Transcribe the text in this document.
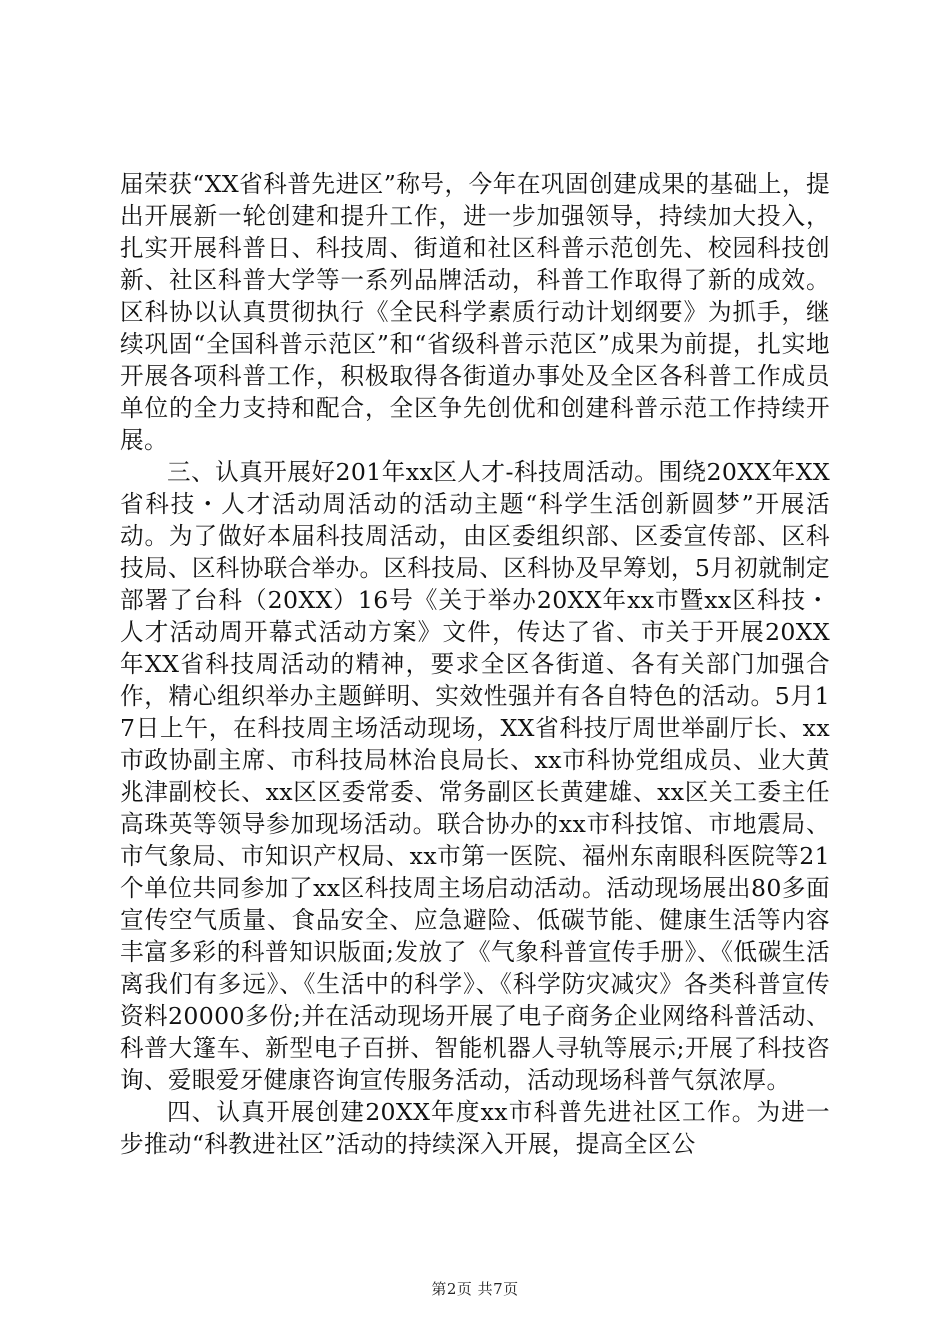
届荣获“XX省科普先进区”称号，今年在巩固创建成果的基础上，提出开展新一轮创建和提升工作，进一步加强领导，持续加大投入，扎实开展科普日、科技周、街道和社区科普示范创先、校园科技创新、社区科普大学等一系列品牌活动，科普工作取得了新的成效。区科协以认真贯彻执行《全民科学素质行动计划纲要》为抓手，继续巩固“全国科普示范区”和“省级科普示范区”成果为前提，扎实地开展各项科普工作，积极取得各街道办事处及全区各科普工作成员单位的全力支持和配合，全区争先创优和创建科普示范工作持续开展。

三、认真开展好201年xx区人才-科技周活动。围绕20XX年XX省科技・人才活动周活动的活动主题“科学生活创新圆梦”开展活动。为了做好本届科技周活动，由区委组织部、区委宣传部、区科技局、区科协联合举办。区科技局、区科协及早筹划，5月初就制定部署了台科（20XX）16号《关于举办20XX年xx市暨xx区科技・人才活动周开幕式活动方案》文件，传达了省、市关于开展20XX年XX省科技周活动的精神，要求全区各街道、各有关部门加强合作，精心组织举办主题鲜明、实效性强并有各自特色的活动。5月17日上午，在科技周主场活动现场，XX省科技厅周世举副厅长、xx市政协副主席、市科技局林治良局长、xx市科协党组成员、业大黄兆津副校长、xx区区委常委、常务副区长黄建雄、xx区关工委主任高珠英等领导参加现场活动。联合协办的xx市科技馆、市地震局、市气象局、市知识产权局、xx市第一医院、福州东南眼科医院等21个单位共同参加了xx区科技周主场启动活动。活动现场展出80多面宣传空气质量、食品安全、应急避险、低碳节能、健康生活等内容丰富多彩的科普知识版面;发放了《气象科普宣传手册》、《低碳生活离我们有多远》、《生活中的科学》、《科学防灾减灾》各类科普宣传资料20000多份;并在活动现场开展了电子商务企业网络科普活动、科普大篷车、新型电子百拼、智能机器人寻轨等展示;开展了科技咨询、爱眼爱牙健康咨询宣传服务活动，活动现场科普气氛浓厚。

四、认真开展创建20XX年度xx市科普先进社区工作。为进一步推动“科教进社区”活动的持续深入开展，提高全区公

第2页 共7页
